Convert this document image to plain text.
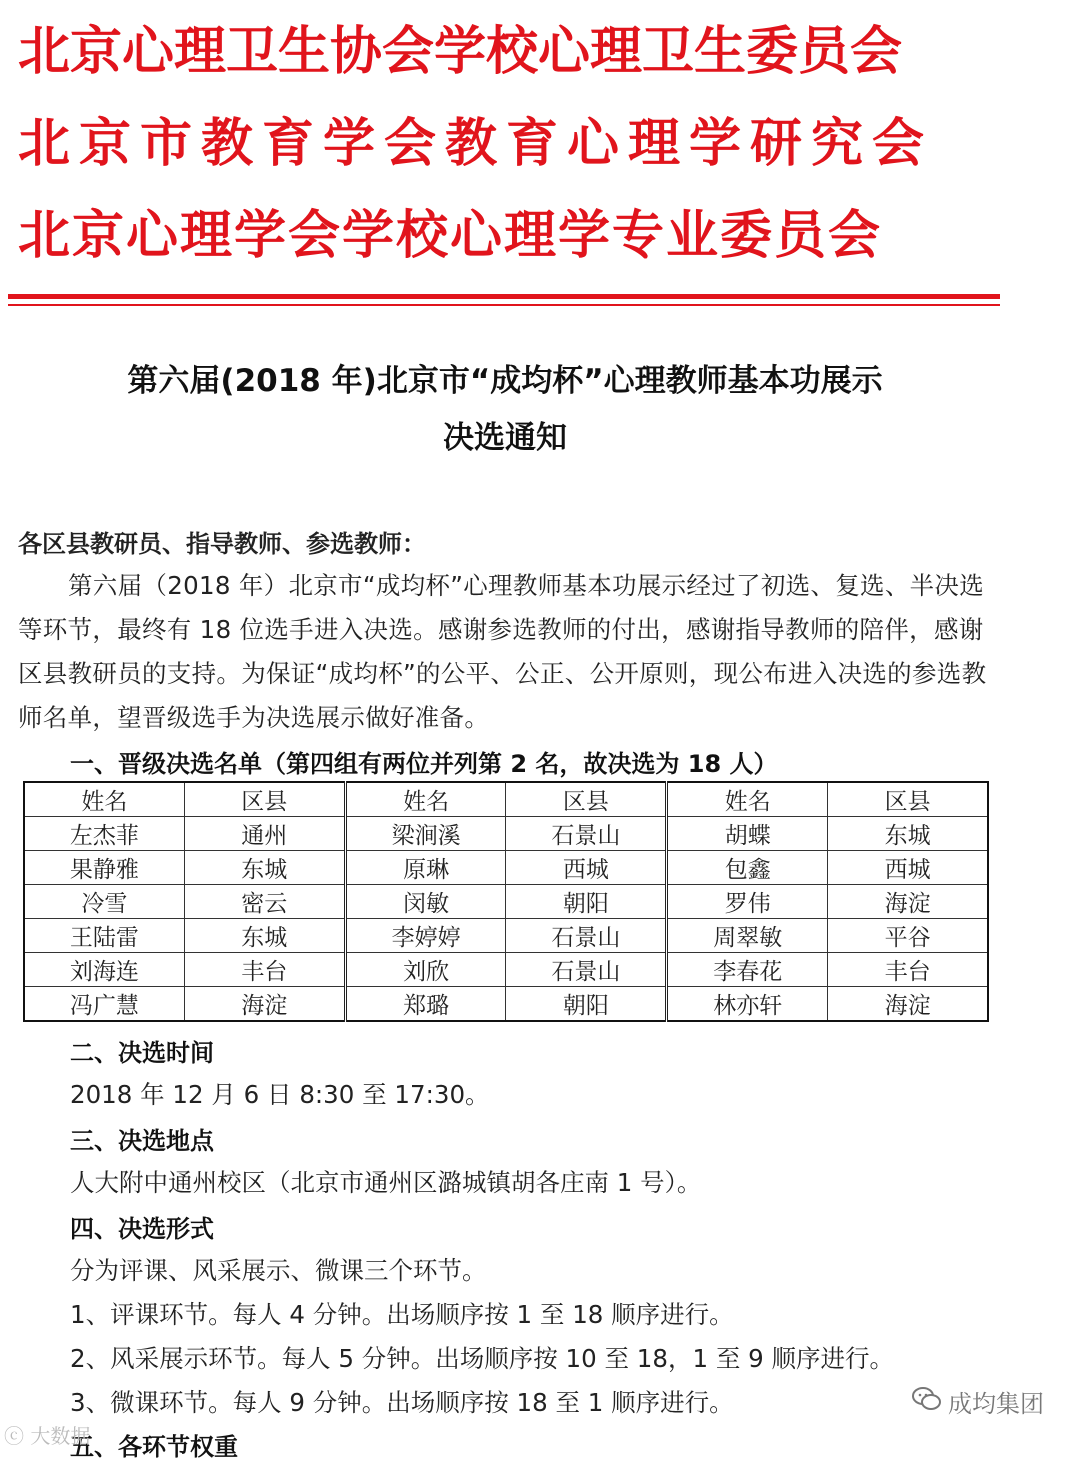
北京心理卫生协会学校心理卫生委员会
北京市教育学会教育心理学研究会
北京心理学会学校心理学专业委员会
第六届(2018 年)北京市“成均杯”心理教师基本功展示
决选通知
各区县教研员、指导教师、参选教师：
第六届（2018 年）北京市“成均杯”心理教师基本功展示经过了初选、复选、半决选等环节，最终有 18 位选手进入决选。感谢参选教师的付出，感谢指导教师的陪伴，感谢区县教研员的支持。为保证“成均杯”的公平、公正、公开原则，现公布进入决选的参选教师名单，望晋级选手为决选展示做好准备。
一、晋级决选名单（第四组有两位并列第 2 名，故决选为 18 人）
姓名	区县	姓名	区县	姓名	区县
左杰菲	通州	梁涧溪	石景山	胡蝶	东城
果静雅	东城	原琳	西城	包鑫	西城
冷雪	密云	闵敏	朝阳	罗伟	海淀
王陆雷	东城	李婷婷	石景山	周翠敏	平谷
刘海连	丰台	刘欣	石景山	李春花	丰台
冯广慧	海淀	郑璐	朝阳	林亦轩	海淀
二、决选时间
2018 年 12 月 6 日 8:30 至 17:30。
三、决选地点
人大附中通州校区（北京市通州区潞城镇胡各庄南 1 号）。
四、决选形式
分为评课、风采展示、微课三个环节。
1、评课环节。每人 4 分钟。出场顺序按 1 至 18 顺序进行。
2、风采展示环节。每人 5 分钟。出场顺序按 10 至 18，1 至 9 顺序进行。
3、微课环节。每人 9 分钟。出场顺序按 18 至 1 顺序进行。
五、各环节权重
ⓒ 大数据
成均集团
